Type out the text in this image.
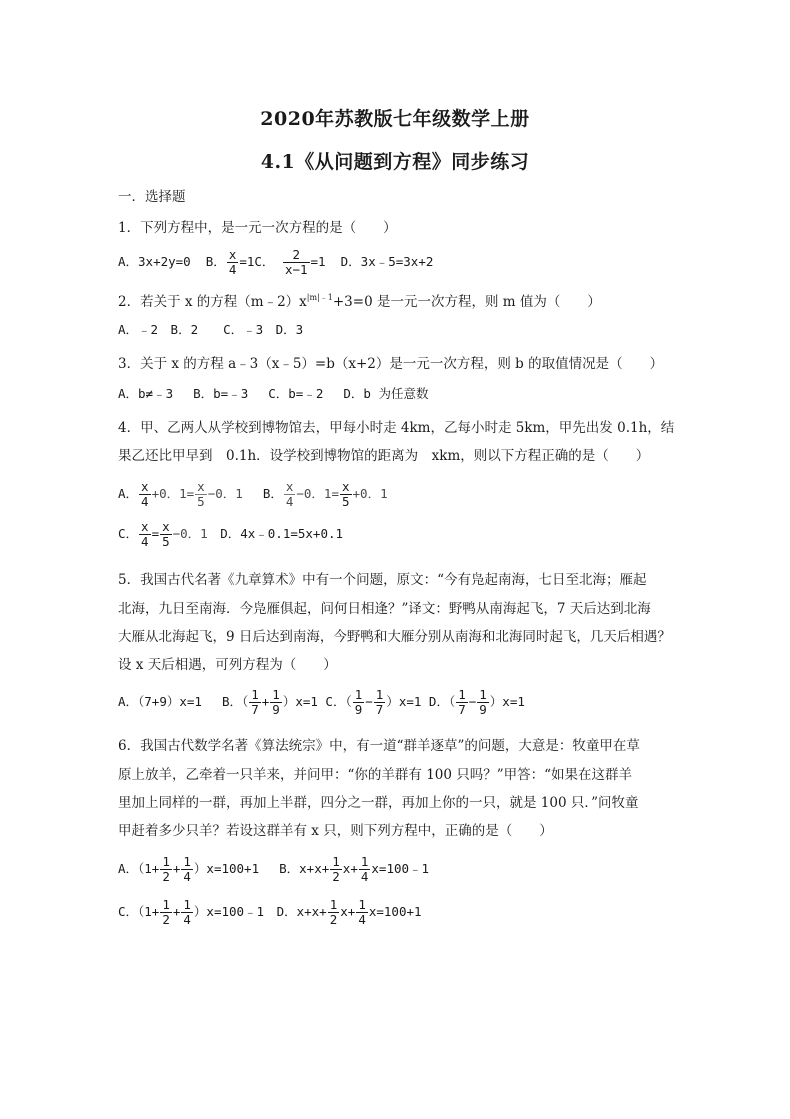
2020年苏教版七年级数学上册
4.1《从问题到方程》同步练习
一．选择题
1．下列方程中，是一元一次方程的是（　　）
A．3x+2y=0 B． $\frac{x}{4} =1C$． $\frac{2}{x-1} =1$ D．3x﹣5=3x+2
2．若关于 x 的方程$(m﹣2)x^{|m|﹣1}+3=0$ 是一元一次方程，则 m 值为（　　）
A．﹣2　B．2　　C．﹣3　D．3
3．关于 x 的方程 a﹣3（x﹣5）=b（x+2）是一元一次方程，则 b 的取值情况是（　　）
A．b≠﹣3　 B．b=﹣3　 C．b=﹣2　 D．b 为任意数
4．甲、乙两人从学校到博物馆去，甲每小时走 4km，乙每小时走 5km，甲先出发 0.1h，结
果乙还比甲早到　0.1h．设学校到博物馆的距离为　xkm，则以下方程正确的是（　　）
A． $\frac{x}{4} +0$．$1= \frac{x}{5} -0$．1 　B． $\frac{x}{4} -0$．$1= \frac{x}{5} +0$．1
C． $\frac{x}{4} = \frac{x}{5} -0$．1　D．4x﹣0.1=5x+0.1
5．我国古代名著《九章算术》中有一个问题，原文：“今有凫起南海，七日至北海；雁起
北海，九日至南海．今凫雁俱起，问何日相逢？”译文：野鸭从南海起飞，7 天后达到北海
大雁从北海起飞，9 日后达到南海，今野鸭和大雁分别从南海和北海同时起飞，几天后相遇？
设 x 天后相遇，可列方程为（　　）
A．（7+9）x=1　 B．（ $\frac{1}{7} + \frac{1}{9} )x=1$ C．（ $\frac{1}{9} - \frac{1}{7} )x=1$ D．（ $\frac{1}{7} - \frac{1}{9} )x=1$
6．我国古代数学名著《算法统宗》中，有一道“群羊逐草”的问题，大意是：牧童甲在草
原上放羊，乙牵着一只羊来，并问甲：“你的羊群有 100 只吗？”甲答：“如果在这群羊
里加上同样的一群，再加上半群，四分之一群，再加上你的一只，就是 100 只．”问牧童
甲赶着多少只羊？若设这群羊有 x 只，则下列方程中，正确的是（　　）
A．$(1+ \frac{1}{2} + \frac{1}{4} )x=100+1$　 B．$x+x+ \frac{1}{2} x+ \frac{1}{4}$ x=100﹣1
C．（$1+ \frac{1}{2} + \frac{1}{4}$ ）x=100﹣1　D．$x+x+ \frac{1}{2} x+ \frac{1}{4} x=100+1$
